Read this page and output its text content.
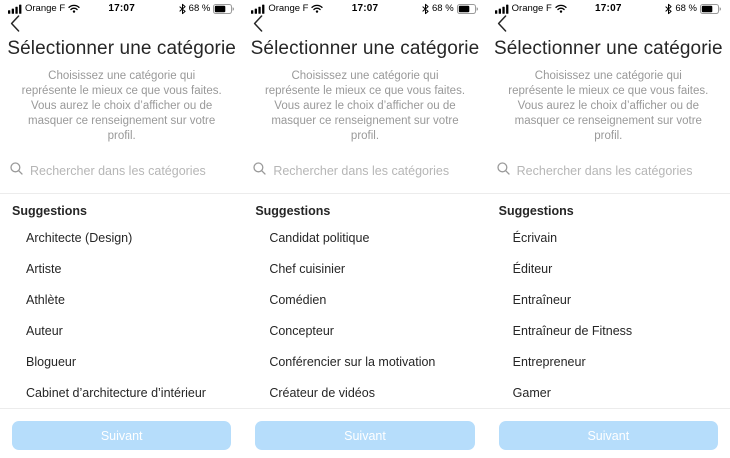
Orange F	17:07	68 %
Sélectionner une catégorie
Choisissez une catégorie qui représente le mieux ce que vous faites. Vous aurez le choix d’afficher ou de masquer ce renseignement sur votre profil.
Rechercher dans les catégories
Suggestions
Architecte (Design)
Artiste
Athlète
Auteur
Blogueur
Cabinet d’architecture d’intérieur
Suivant
Orange F	17:07	68 %
Sélectionner une catégorie
Choisissez une catégorie qui représente le mieux ce que vous faites. Vous aurez le choix d’afficher ou de masquer ce renseignement sur votre profil.
Rechercher dans les catégories
Suggestions
Candidat politique
Chef cuisinier
Comédien
Concepteur
Conférencier sur la motivation
Créateur de vidéos
Suivant
Orange F	17:07	68 %
Sélectionner une catégorie
Choisissez une catégorie qui représente le mieux ce que vous faites. Vous aurez le choix d’afficher ou de masquer ce renseignement sur votre profil.
Rechercher dans les catégories
Suggestions
Écrivain
Éditeur
Entraîneur
Entraîneur de Fitness
Entrepreneur
Gamer
Suivant
